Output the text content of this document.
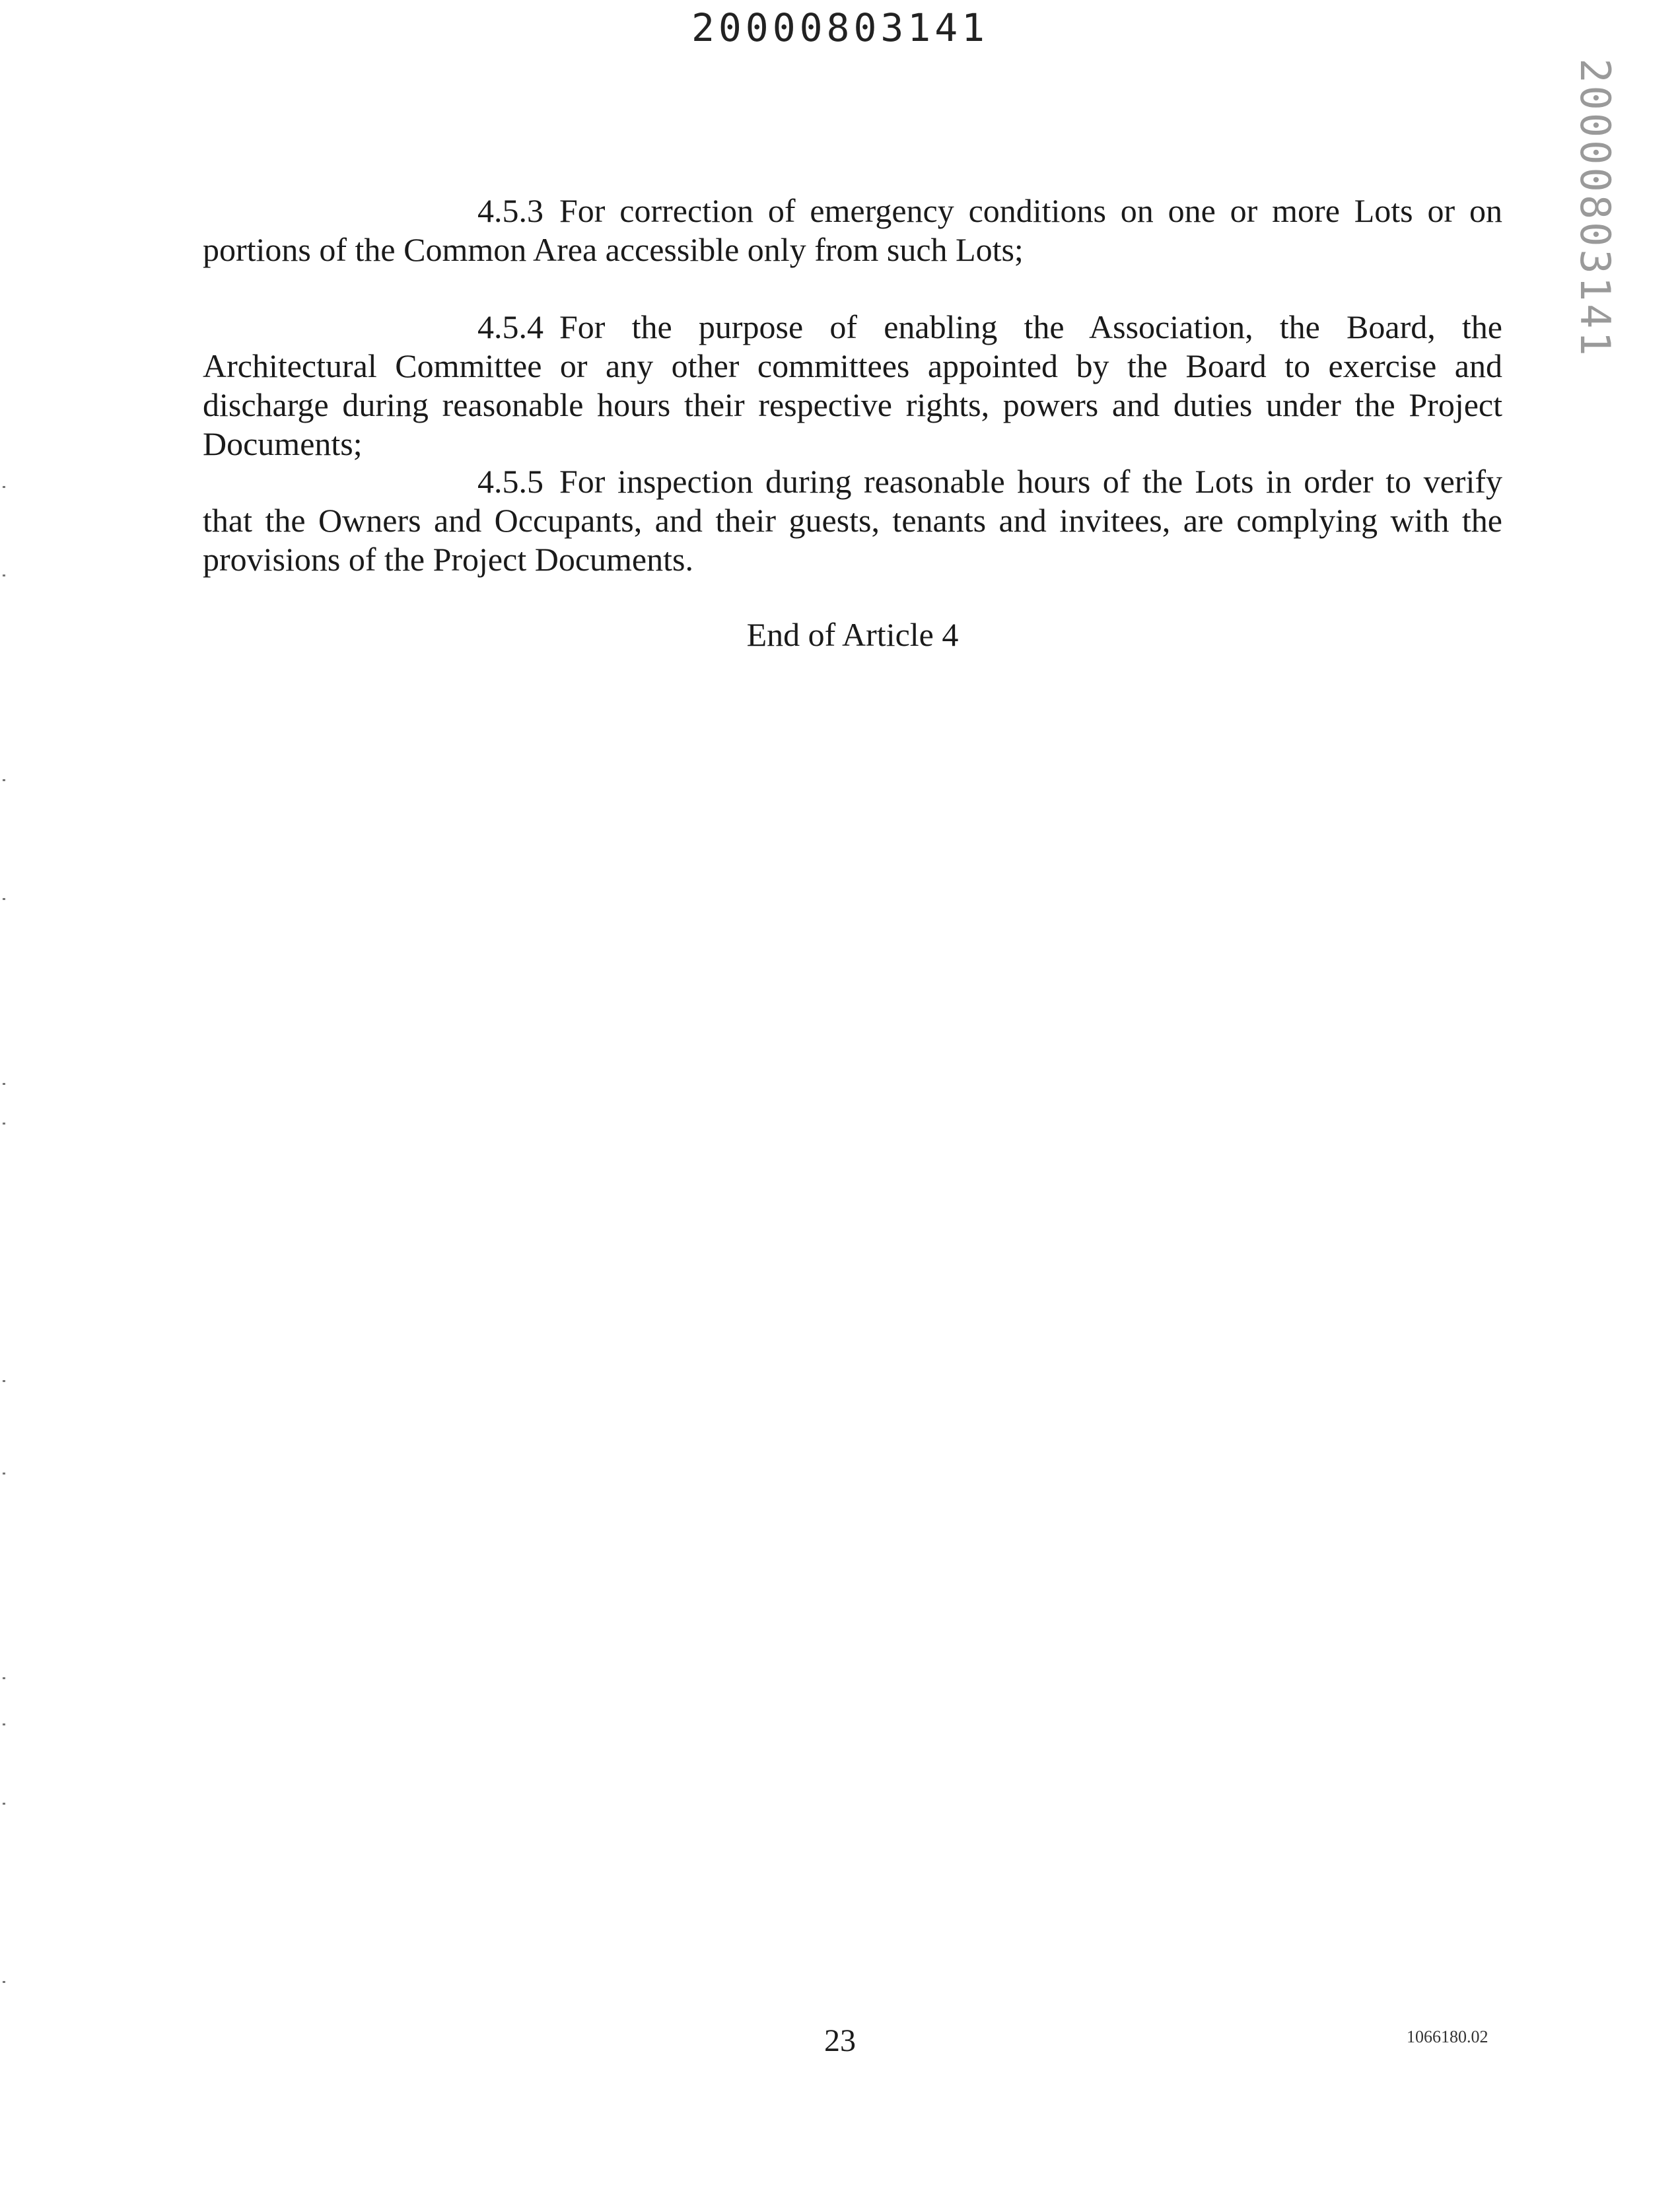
20000803141
20000803141

4.5.3 For correction of emergency conditions on one or more Lots or on portions of the Common Area accessible only from such Lots;

4.5.4 For the purpose of enabling the Association, the Board, the Architectural Committee or any other committees appointed by the Board to exercise and discharge during reasonable hours their respective rights, powers and duties under the Project Documents;

4.5.5 For inspection during reasonable hours of the Lots in order to verify that the Owners and Occupants, and their guests, tenants and invitees, are complying with the provisions of the Project Documents.

End of Article 4

23	1066180.02
